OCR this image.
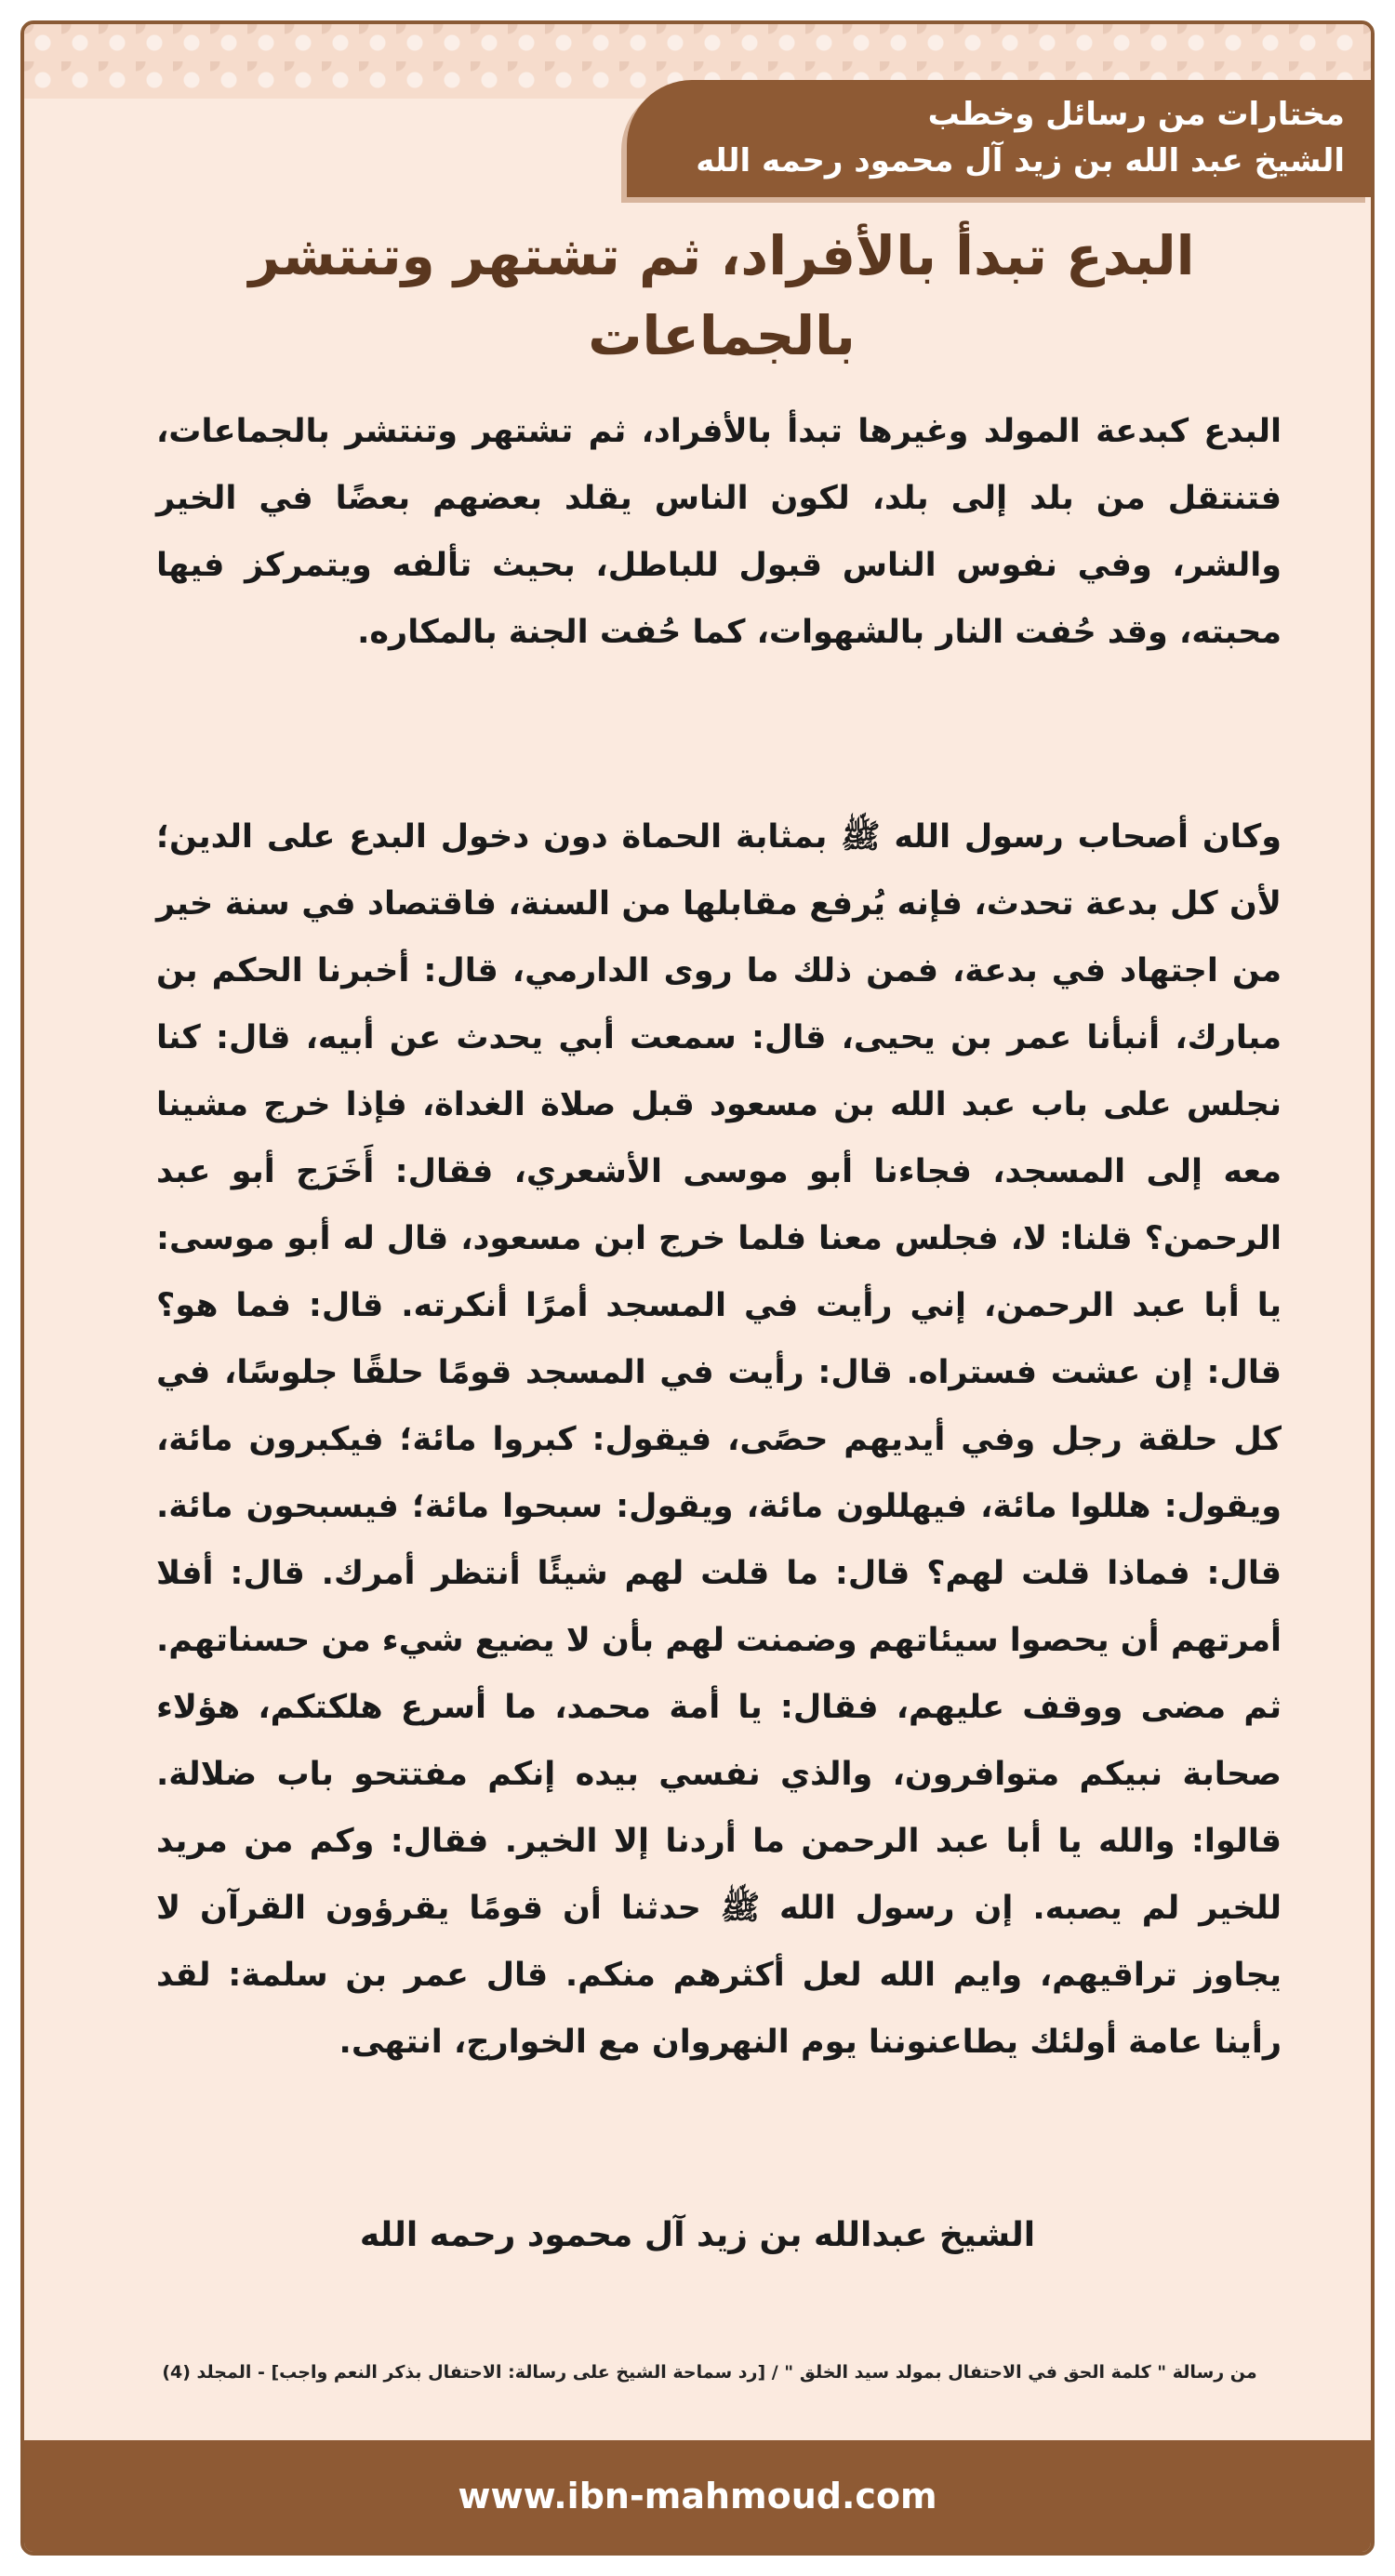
مختارات من رسائل وخطب
الشيخ عبد الله بن زيد آل محمود رحمه الله
البدع تبدأ بالأفراد، ثم تشتهر وتنتشر بالجماعات

البدع كبدعة المولد وغيرها تبدأ بالأفراد، ثم تشتهر وتنتشر بالجماعات، فتنتقل من بلد إلى بلد، لكون الناس يقلد بعضهم بعضًا في الخير والشر، وفي نفوس الناس قبول للباطل، بحيث تألفه ويتمركز فيها محبته، وقد حُفت النار بالشهوات، كما حُفت الجنة بالمكاره.

وكان أصحاب رسول الله ﷺ بمثابة الحماة دون دخول البدع على الدين؛ لأن كل بدعة تحدث، فإنه يُرفع مقابلها من السنة، فاقتصاد في سنة خير من اجتهاد في بدعة، فمن ذلك ما روى الدارمي، قال: أخبرنا الحكم بن مبارك، أنبأنا عمر بن يحيى، قال: سمعت أبي يحدث عن أبيه، قال: كنا نجلس على باب عبد الله بن مسعود قبل صلاة الغداة، فإذا خرج مشينا معه إلى المسجد، فجاءنا أبو موسى الأشعري، فقال: أَخَرَج أبو عبد الرحمن؟ قلنا: لا، فجلس معنا فلما خرج ابن مسعود، قال له أبو موسى: يا أبا عبد الرحمن، إني رأيت في المسجد أمرًا أنكرته. قال: فما هو؟ قال: إن عشت فستراه. قال: رأيت في المسجد قومًا حلقًا جلوسًا، في كل حلقة رجل وفي أيديهم حصًى، فيقول: كبروا مائة؛ فيكبرون مائة، ويقول: هللوا مائة، فيهللون مائة، ويقول: سبحوا مائة؛ فيسبحون مائة. قال: فماذا قلت لهم؟ قال: ما قلت لهم شيئًا أنتظر أمرك. قال: أفلا أمرتهم أن يحصوا سيئاتهم وضمنت لهم بأن لا يضيع شيء من حسناتهم. ثم مضى ووقف عليهم، فقال: يا أمة محمد، ما أسرع هلكتكم، هؤلاء صحابة نبيكم متوافرون، والذي نفسي بيده إنكم مفتتحو باب ضلالة. قالوا: والله يا أبا عبد الرحمن ما أردنا إلا الخير. فقال: وكم من مريد للخير لم يصبه. إن رسول الله ﷺ حدثنا أن قومًا يقرؤون القرآن لا يجاوز تراقيهم، وايم الله لعل أكثرهم منكم. قال عمر بن سلمة: لقد رأينا عامة أولئك يطاعنوننا يوم النهروان مع الخوارج، انتهى.

الشيخ عبدالله بن زيد آل محمود رحمه الله

من رسالة " كلمة الحق في الاحتفال بمولد سيد الخلق " / [رد سماحة الشيخ على رسالة: الاحتفال بذكر النعم واجب] - المجلد (4)

www.ibn-mahmoud.com
